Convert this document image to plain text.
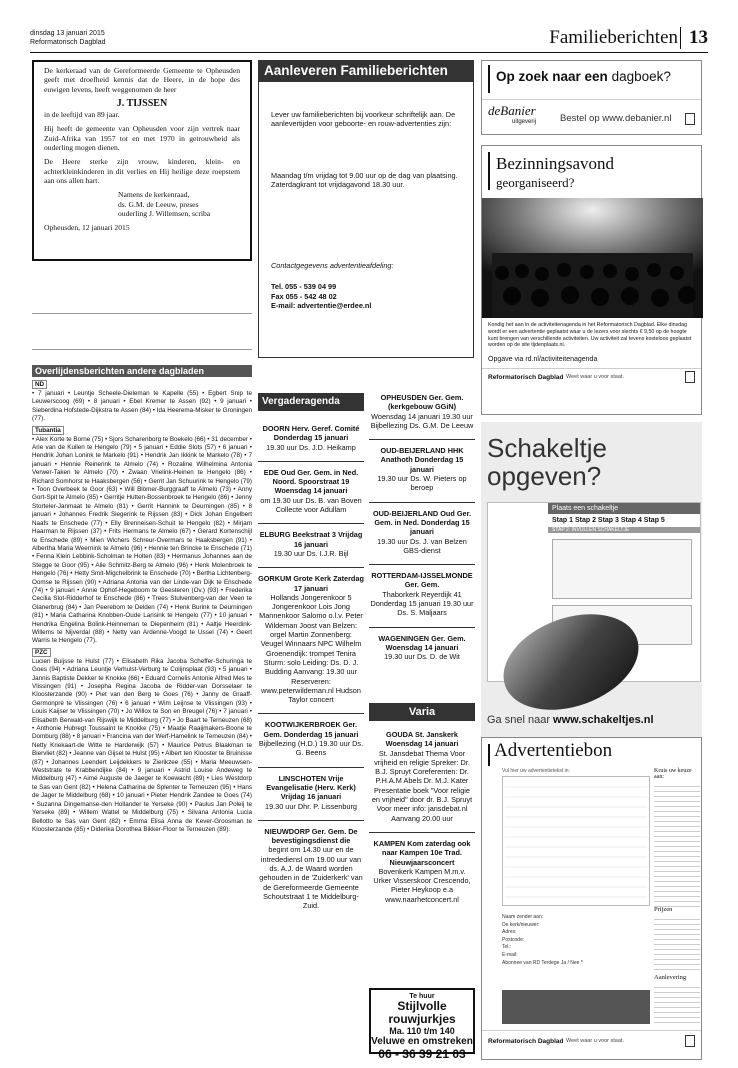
dinsdag 13 januari 2015
Reformatorisch Dagblad	Familieberichten 13

De kerkeraad van de Gereformeerde Gemeente te Opheusden geeft met droefheid kennis dat de Heere, in de hope des euwigen levens, heeft weggenomen de heer

J. TIJSSEN

in de leeftijd van 89 jaar.

Hij heeft de gemeente van Opheusden voor zijn vertrek naar Zuid-Afrika van 1957 tot en met 1970 in getrouwheid als ouderling mogen dienen.

De Heere sterke zijn vrouw, kinderen, klein- en achterkleinkinderen in dit verlies en Hij heilige deze roepstem aan ons allen hart.

Namens de kerkenraad,

ds. G.M. de Leeuw, preses

ouderling J. Willemsen, scriba

Opheusden, 12 januari 2015

Overlijdensberichten andere dagbladen
ND

• 7 januari • Leuntje Scheele-Dieleman te Kapelle (55) • Egbert Snip te Leuwerscoog (69) • 8 januari • Ebel Kremer te Assen (92) • 9 januari • Sieberdina Hofstede-Dijkstra te Assen (84) • Ida Heerema-Misker te Groningen (77).

Tubantia

• Alex Korte te Borne (75) • Sjors Scharenborg te Boekelo (66) • 31 december • Arie van de Kuilen te Hengelo (79) • 5 januari • Eddie Slots (57) • 6 januari • Hendrik Johan Lonink te Markelo (91) • Hendrik Jan Ikkink te Markelo (78) • 7 januari • Hennie Reinerink te Almelo (74) • Rozaline Wilhelmina Antonia Verwer-Taken te Almelo (70) • Zwaan Vrielink-Heinen te Hengelo (86) • Richard Somhorst te Haaksbergen (56) • Gerrit Jan Schuurink te Hengelo (79) • Toon Overbeek te Goor (63) • Will Blömer-Burggraaff te Almelo (73) • Anny Gort-Spit te Almelo (85) • Gerritje Hutten-Bossenbroek te Hengelo (86) • Jenny Storteler-Janmaat te Almelo (81) • Gerrit Hannink te Deurningen (85) • 8 januari • Johannes Fredrik Siegerink te Rijssen (83) • Dick Johan Engelbert Naafs te Enschede (77) • Elly Brenneisen-Schuit te Hengelo (82) • Mirjam Haarman te Rijssen (37) • Frits Hermans te Almelo (67) • Gerard Kortenschijl te Enschede (89) • Mien Wichers Schreur-Overmars te Haaksbergen (91) • Albertha Maria Weernink te Almelo (96) • Hennie ten Brincke te Enschede (71) • Fenna Klein Lebbink-Scholman te Holten (83) • Hermanus Johannes aan de Stegge te Goor (95) • Alie Schmitz-Berg te Almelo (96) • Henk Molenbroek te Hengelo (76) • Hetty Smit-Migchelbrink te Enschede (70) • Bertha Lichtenberg-Oomse te Rijssen (90) • Adriana Antonia van der Linde-van Dijk te Enschede (74) • 9 januari • Annie Ophof-Hegeboom te Geesteren (Ov.) (93) • Frederika Cecilia Slot-Ridderhof te Enschede (86) • Trees Stulvenberg-van der Veen te Glanerbrug (84) • Jan Peerebom te Delden (74) • Henk Burink te Deurningen (81) • Maria Catharina Knobben-Oude Lansink te Hengelo (77) • 10 januari • Hendrika Engelina Bolink-Heinneman te Diepenheim (81) • Aaltje Heerdink-Willems te Nijverdal (88) • Netty van Ardenne-Voogd te Ussel (74) • Geert Warris te Hengelo (77).

PZC

Lucien Buijsse te Hulst (77) • Elisabeth Rika Jacoba Scheffer-Schuringa te Goes (94) • Adriana Leuntje Verhulst-Verburg te Colijnsplaat (93) • 5 januari • Jannis Baptiste Dekker te Knokke (66) • Eduard Cornelis Antonie Alfred Mes te Vlissingen (91) • Josepha Regina Jacoba de Ridder-van Dorsselaer te Kloosterzande (90) • Piet van den Berg te Goes (76) • Janny de Graaff-Germonprè te Vlissingen (76) • 6 januari • Wim Leijnse te Vlissingen (93) • Louis Kaijser te Vlissingen (70) • Jo Willox te Son en Breugel (76) • 7 januari • Elisabeth Berwald-van Rijswijk te Middelburg (77) • Jo Baart te Terneuzen (68) • Anthonie Hubregt Toussaint te Knokke (75) • Maatje Raaijmakers-Boone te Domburg (88) • 8 januari • Francina van der Werf-Hamelink te Terneuzen (84) • Netty Kriekaart-de Witte te Harderwijk (57) • Maurice Petrus Blaakman te Biervliet (82) • Jeanne van Gijsel te Hulst (95) • Albert ten Klooster te Bruinisse (87) • Johannes Leendert Leijdekkers te Zierikzee (55) • Maria Meeuwsen-Weststrate te Krabbendijke (84) • 9 januari • Astrid Louise Andeweg te Middelburg (47) • Aimé Auguste de Jaeger te Koewacht (89) • Lies Westdorp te Sas van Gent (82) • Helena Catharina de Splenter te Terneuzen (95) • Hans de Jager te Middelburg (68) • 10 januari • Pieter Hendrik Zandee te Goes (74) • Suzanna Dingemanse-den Hollander te Yerseke (90) • Paulus Jan Poleij te Yerseke (89) • Willem Wattel te Middelburg (75) • Silvana Antonia Lucia Bellotto te Sas van Gent (82) • Emma Elisa Anna de Kever-Groosman te Kloosterzande (85) • Diderika Dorothea Bikker-Floor te Terneuzen (89).

Aanleveren Familieberichten

Lever uw familieberichten bij voorkeur schriftelijk aan. De aanlevertijden voor geboorte- en rouw-advertenties zijn:

Maandag t/m vrijdag tot 9.00 uur op de dag van plaatsing. Zaterdagkrant tot vrijdagavond 18.30 uur.

Contactgegevens advertentieafdeling:

Tel. 055 - 539 04 99

Fax 055 - 542 48 02

E-mail: advertentie@erdee.nl

Vergaderagenda
DOORN Herv. Geref. Comité Donderdag 15 januari
19.30 uur Ds. J.D. Heikamp
EDE Oud Ger. Gem. in Ned. Noord. Spoorstraat 19 Woensdag 14 januari
om 19.30 uur Ds. B. van Boven Collecte voor Adullam
ELBURG Beekstraat 3 Vrijdag 16 januari
19.30 uur Ds. I.J.R. Bijl
GORKUM Grote Kerk Zaterdag 17 januari
Hollands Jongerenkoor 5 Jongerenkoor Lois Jong Mannenkoor Salomo o.l.v. Peter Wildeman Joost van Belzen: orgel Martin Zonnenberg: Veugel Winnaars NPC Wilhelm Groenendijk: trompet Tenira Sturm: solo Leiding: Ds. D. J. Budding Aanvang: 19.30 uur Reserveren: www.peterwildeman.nl Hudson Taylor concert
KOOTWIJKERBROEK Ger. Gem. Donderdag 15 januari
Bijbellezing (H.D.) 19.30 uur Ds. G. Beens
LINSCHOTEN Vrije Evangelisatie (Herv. Kerk) Vrijdag 16 januari
19.30 uur Dhr. P. Lissenburg
NIEUWDORP Ger. Gem. De bevestigingsdienst die
begint om 14.30 uur en de intredediensl om 19.00 uur van ds. A.J. de Waard worden gehouden in de 'Zuiderkerk' van de Gereformeerde Gemeente Schoutstraat 1 te Middelburg-Zuid.
OPHEUSDEN Ger. Gem. (kerkgebouw GGiN)
Woensdag 14 januari 19.30 uur Bijbellezing Ds. G.M. De Leeuw
OUD-BEIJERLAND HHK Anathoth Donderdag 15 januari
19.30 uur Ds. W. Pieters op beroep
OUD-BEIJERLAND Oud Ger. Gem. in Ned. Donderdag 15 januari
19.30 uur Ds. J. van Belzen GBS-dienst
ROTTERDAM-IJSSELMONDE Ger. Gem.
Thaborkerk Reyerdijk 41 Donderdag 15 januari 19.30 uur Ds. S. Maljaars
WAGENINGEN Ger. Gem. Woensdag 14 januari
19.30 uur Ds. D. de Wit
Varia
GOUDA St. Janskerk Woensdag 14 januari
St. Jansdebat Thema Voor vrijheid en religie Spreker: Dr. B.J. Spruyt Coreferenten: Dr. P.H.A.M Abels Dr. M.J. Kater Presentatie boek "Voor religie en vrijheid" door dr. B.J. Spruyt Voor meer info: jansdebat.nl Aanvang 20.00 uur
KAMPEN Kom zaterdag ook naar Kampen 10e Trad. Nieuwjaarsconcert
Bovenkerk Kampen M.m.v. Urker Visserskoor Crescendo, Pieter Heykoop e.a www.naarhetconcert.nl
Te huur
Stijlvolle rouwjurkjes
Ma. 110 t/m 140
Veluwe en omstreken
06 - 36 39 21 03
Op zoek naar een dagboek?
deBanier
uitgeverij	Bestel op www.debanier.nl
Bezinningsavond
georganiseerd?
Kondig het aan in de activiteitenagenda in het Reformatorisch Dagblad. Elke dinsdag wordt er een advertentie geplaatst waar u de lezers voor slechts € 9,50 op de hoogte kunt brengen van verschillende activiteiten. Uw activiteit zal tevens kosteloos geplaatst worden op de site tijdenplaats.nl.
Opgave via rd.nl/activiteitenagenda
Reformatorisch Dagblad Weet waar u voor staat.
Schakeltje
opgeven?
Plaats een schakeltje
Stap 1 Stap 2 Stap 3 Stap 4 Stap 5
STAP 2: INVULLEN SCHAKELTJE
Ga snel naar www.schakeltjes.nl
Advertentiebon
Vul hier uw advertentietekst in:	Kruis uw keuze aan:
Naam zender aan:
De kerk/nieuwer:
Adres:
Postcode:
Tel.:
E-mail:
Abonnee van RD Terdege Ja / Nee *
Prijzen
Aanlevering
Reformatorisch Dagblad Weet waar u voor staat.
